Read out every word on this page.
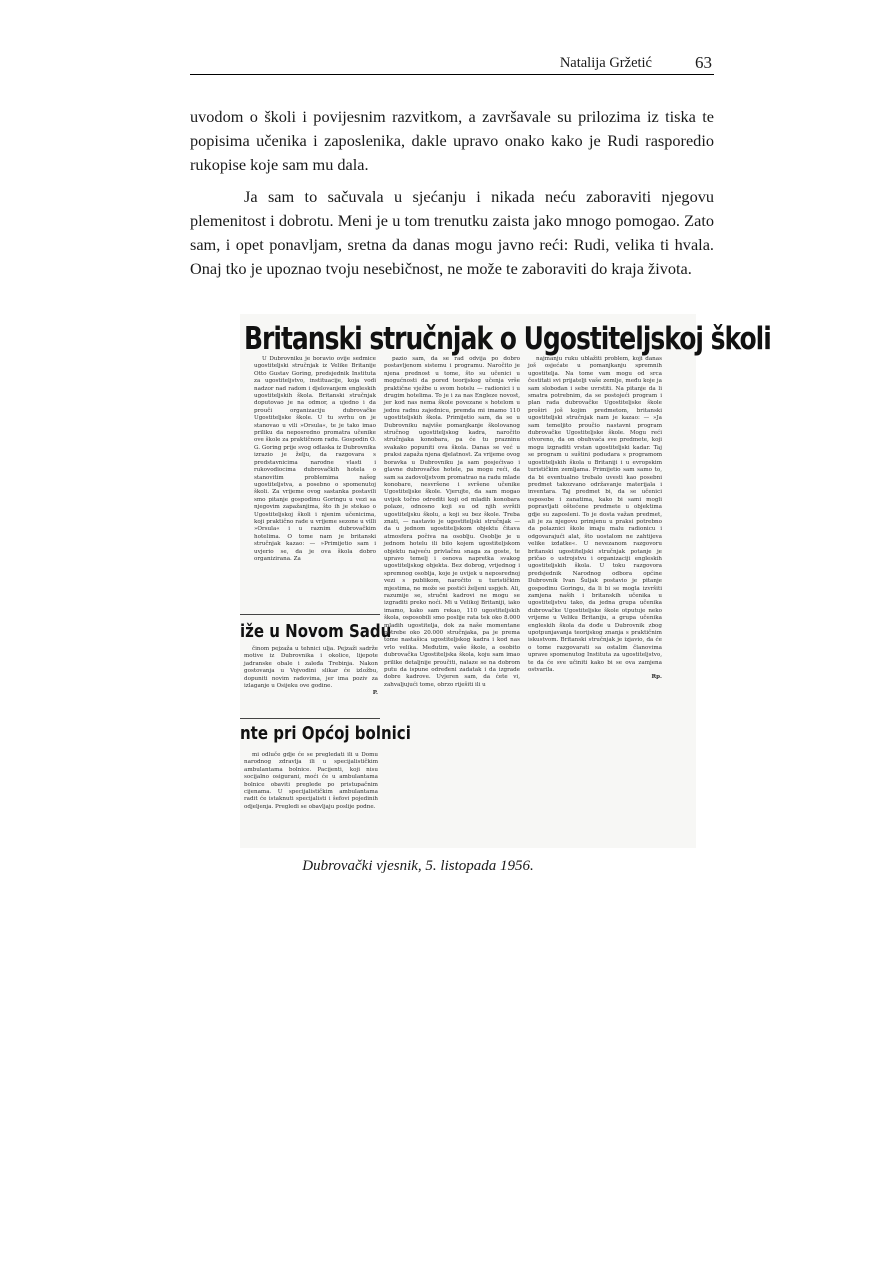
Natalija Gržetić	63

uvodom o školi i povijesnim razvitkom, a završavale su prilozima iz tiska te popisima učenika i zaposlenika, dakle upravo onako kako je Rudi rasporedio rukopise koje sam mu dala.

Ja sam to sačuvala u sjećanju i nikada neću zaboraviti njegovu plemenitost i dobrotu. Meni je u tom trenutku zaista jako mnogo pomogao. Zato sam, i opet ponavljam, sretna da danas mogu javno reći: Rudi, velika ti hvala. Onaj tko je upoznao tvoju nesebičnost, ne može te zaboraviti do kraja života.

Britanski stručnjak o Ugostiteljskoj školi

U Dubrovniku je boravio ovije sedmice ugostiteljski stručnjak iz Velike Britanije Otto Gustav Goring, predsjednik Instituta za ugostiteljstvo, instituacije, koja vodi nadzor nad radom i djelovanjem engleskih ugostiteljskih škola. Britanski stručnjak doputovao je na odmor, a ujedno i da prouči organizaciju dubrovačke Ugostiteljske škole. U tu svrhu on je stanovao u vili »Orsula«, te je tako imao priliku da neposredno promatra učenike ove škole za praktičnom radu. Gospodin O. G. Goring prije svog odlaska iz Dubrovnika izrazio je želju, da razgovara s predstavnicima narodne vlasti i rukovodiocima dubrovačkih hotela o stanovitim problemima našeg ugostiteljstva, a posebno o spomenutoj školi. Za vrijeme ovog sastanka postavili smo pitanje gospodinu Goringu u vezi sa njegovim zapažanjima, što ih je stekao o Ugostiteljskoj školi i njenim učenicima, koji praktično rade u vrijeme sezone u villi »Orsula« i u raznim dubrovačkim hotelima. O tome nam je britanski stručnjak kazao: — »Primijetio sam i uvjerio se, da je ova škola dobro organizirana. Za

iže u Novom Sadu

činom pejzaža u tehnici ulja. Pejzaži sadrže motive iz Dubrovnika i okolice, lijepote jadranske obale i zaleđa Trebinja. Nakon gostovanja u Vojvodini slikar će izložbu, dopuniti novim radovima, jer ima poziv za izlaganje u Osijeku ove godine.

P.
nte pri Općoj bolnici

mi odluče gdje će se pregledati ili u Domu narodnog zdravlja ili u specijalističkim ambulantama bolnice. Pacijenti, koji nisu socijalno osigurani, moći će u ambulantama bolnice obaviti preglede po pristupačnim cijenama. U specijalističkim ambulantama radit će istaknuti specijalisti i šefovi pojedinih odjeljenja. Pregledi se obavljaju poslije podne.

pazio sam, da se rad odvija po dobro postavljenom sistemu i programu. Naročito je njena prednost u tome, što su učenici u mogućnosti da pored teorijskog učenja vrše praktične vježbe u svom hotelu — radionici i u drugim hotelima. To je i za nas Engleze novost, jer kod nas nema škole povezane s hotelom u jednu radnu zajednicu, premda mi imamo 110 ugostiteljskih škola. Primijetio sam, da se u Dubrovniku najviše pomanjkanje školovanog stručnog ugostiteljskog kadra, naročito stručnjaka konobara, pa će tu prazninu svakako popuniti ova škola. Danas se već u praksi zapaža njena djelatnost. Za vrijeme ovog boravka u Dubrovniku ja sam posjećivao i glavne dubrovačke hotele, pa mogu reći, da sam sa zadovoljstvom promatrao na radu mlade konobare, nesvršene i svršene učenike Ugostiteljske škole. Vjerujte, da sam mogao uvijek točno odrediti koji od mladih konobara polaze, odnosno koji su od njih svršili ugostiteljsku školu, a koji su bez škole. Treba znati, — nastavio je ugostiteljski stručnjak — da u jednom ugostiteljskom objektu čitava atmosfera počiva na osoblju. Osoblje je u jednom hotelu ili bilo kojem ugostiteljskom objektu najveću privlačnu snaga za goste, te upravo temelj i osnova napretka svakog ugostiteljskog objekta. Bez dobrog, vrijednog i spremnog osoblja, koje je uvijek u neposrednoj vezi s publikom, naročito u turističkim mjestima, ne može se postići željeni uspjeh. Ali, razumije se, stručni kadrovi ne mogu se izgraditi preko noći. Mi u Velikoj Britaniji, iako imamo, kako sam rekao, 110 ugostiteljskih škola, osposobili smo poslije rata tek oko 8.000 mladih ugostitelja, dok za naše momentane potrebe oko 20.000 stručnjaka, pa je prema tome nastašica ugostiteljskog kadra i kod nas vrlo velika. Međutim, vaše škole, a osobito dubrovačka Ugostiteljska škola, koju sam imao prilike detaljnije proučiti, nalaze se na dobrom putu da ispune određeni zadatak i da izgrade dobre kadrove. Uvjeren sam, da ćete vi, zahvaljujući tome, obrzo riješiti ili u

najmanju ruku ublažiti problem, koji danas još osjećate u pomanjkanju spremnih ugostitelja. Na tome vam mogu od srca čestitati svi prijatelji vaše zemlje, među koje ja sam slobodan i sebe uvrstiti. Na pitanje da li smatra potrebnim, da se postojeći program i plan rada dubrovačke Ugostiteljske škole proširi još kojim predmetom, britanski ugostiteljski stručnjak nam je kazao: — »Ja sam temeljito proučio nastavni program dubrovačke Ugostiteljske škole. Mogu reći otvoreno, da on obuhvaća sve predmete, koji mogu izgraditi vrstan ugostiteljski kadar. Taj se program u suštini podudara s programom ugostiteljskih škola u Britaniji i u evropskim turističkim zemljama. Primijetio sam samo to, da bi eventualno trebalo uvesti kao posebni predmet takozvano održavanje materijala i inventara. Taj predmet bi, da se učenici osposobe i zanatima, kako bi sami mogli popravljati oštećene predmete u objektima gdje su zaposleni. To je dosta važan predmet, ali je za njegovu primjenu u praksi potrebno da polaznici škole imaju malu radionicu i odgovarajući alat, što uostalom ne zahtijeva velike izdatke«. U nevezanom razgovoru britanski ugostiteljski stručnjak potanje je pričao o ustrojstvu i organizaciji engleskih ugostiteljskih škola. U toku razgovora predsjednik Narodnog odbora općine Dubrovnik Ivan Šuljak postavio je pitanje gospodinu Goringu, da li bi se mogla izvršiti zamjena naših i britanskih učenika u ugostiteljstvu tako, da jedna grupa učenika dubrovačke Ugostiteljske škole otputuje neko vrijeme u Veliku Britaniju, a grupa učenika engleskih škola da dođe u Dubrovnik zbog upotpunjavanja teorijskog znanja s praktičnim iskustvom. Britanski stručnjak je izjavio, da će o tome razgovarati sa ostalim članovima uprave spomenutog Instituta za ugostiteljstvo, te da će sve učiniti kako bi se ova zamjena ostvarila.

Rp.
Dubrovački vjesnik, 5. listopada 1956.
